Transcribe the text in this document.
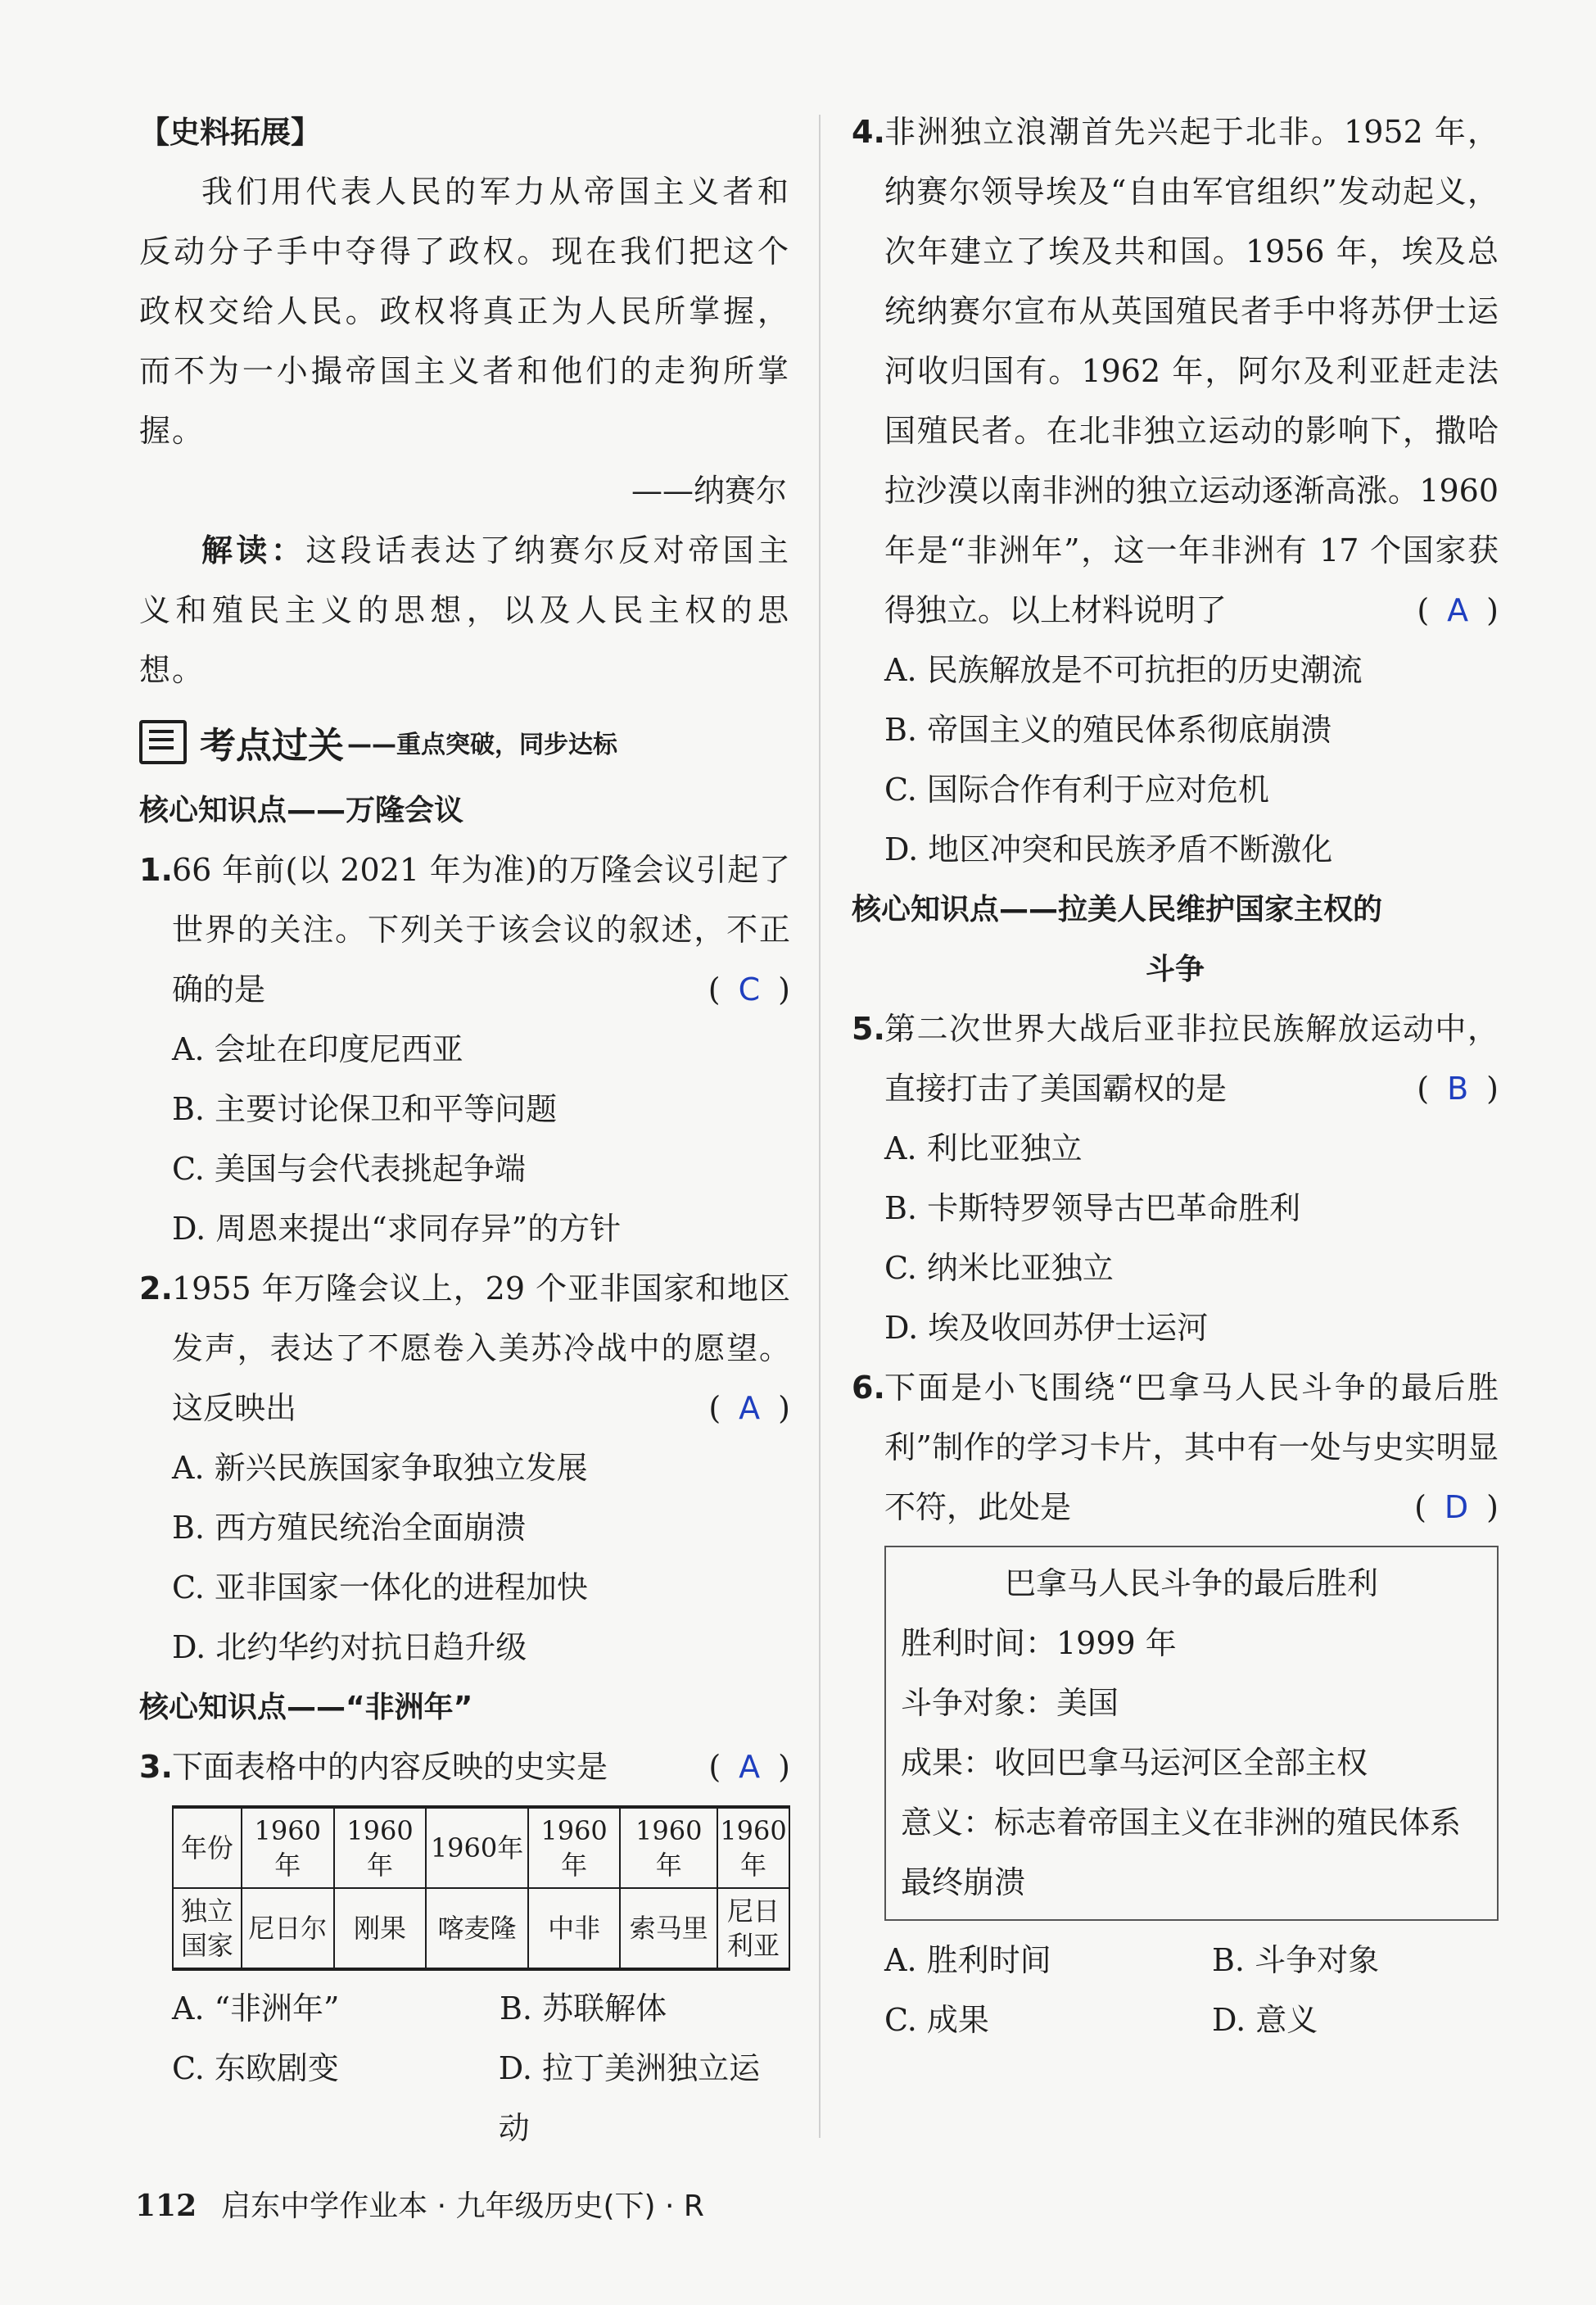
【史料拓展】
我们用代表人民的军力从帝国主义者和反动分子手中夺得了政权。现在我们把这个政权交给人民。政权将真正为人民所掌握，而不为一小撮帝国主义者和他们的走狗所掌握。
——纳赛尔
解读：这段话表达了纳赛尔反对帝国主义和殖民主义的思想，以及人民主权的思想。
考点过关 ——重点突破，同步达标
核心知识点——万隆会议
1. 66 年前(以 2021 年为准)的万隆会议引起了世界的关注。下列关于该会议的叙述，不正确的是	( C )
A. 会址在印度尼西亚
B. 主要讨论保卫和平等问题
C. 美国与会代表挑起争端
D. 周恩来提出“求同存异”的方针
2. 1955 年万隆会议上，29 个亚非国家和地区发声，表达了不愿卷入美苏冷战中的愿望。这反映出	( A )
A. 新兴民族国家争取独立发展
B. 西方殖民统治全面崩溃
C. 亚非国家一体化的进程加快
D. 北约华约对抗日趋升级
核心知识点——“非洲年”
3. 下面表格中的内容反映的史实是	( A )
年份	1960年	1960年	1960年	1960年	1960年	1960年
独立国家	尼日尔	刚果	喀麦隆	中非	索马里	尼日利亚
A. “非洲年”	B. 苏联解体
C. 东欧剧变	D. 拉丁美洲独立运动
4. 非洲独立浪潮首先兴起于北非。1952 年，纳赛尔领导埃及“自由军官组织”发动起义，次年建立了埃及共和国。1956 年，埃及总统纳赛尔宣布从英国殖民者手中将苏伊士运河收归国有。1962 年，阿尔及利亚赶走法国殖民者。在北非独立运动的影响下，撒哈拉沙漠以南非洲的独立运动逐渐高涨。1960 年是“非洲年”，这一年非洲有 17 个国家获得独立。以上材料说明了	( A )
A. 民族解放是不可抗拒的历史潮流
B. 帝国主义的殖民体系彻底崩溃
C. 国际合作有利于应对危机
D. 地区冲突和民族矛盾不断激化
核心知识点——拉美人民维护国家主权的
斗争
5. 第二次世界大战后亚非拉民族解放运动中，直接打击了美国霸权的是	( B )
A. 利比亚独立
B. 卡斯特罗领导古巴革命胜利
C. 纳米比亚独立
D. 埃及收回苏伊士运河
6. 下面是小飞围绕“巴拿马人民斗争的最后胜利”制作的学习卡片，其中有一处与史实明显不符，此处是	( D )
巴拿马人民斗争的最后胜利
胜利时间：1999 年
斗争对象：美国
成果：收回巴拿马运河区全部主权
意义：标志着帝国主义在非洲的殖民体系最终崩溃
A. 胜利时间	B. 斗争对象
C. 成果	D. 意义
112 启东中学作业本 · 九年级历史(下) · R
